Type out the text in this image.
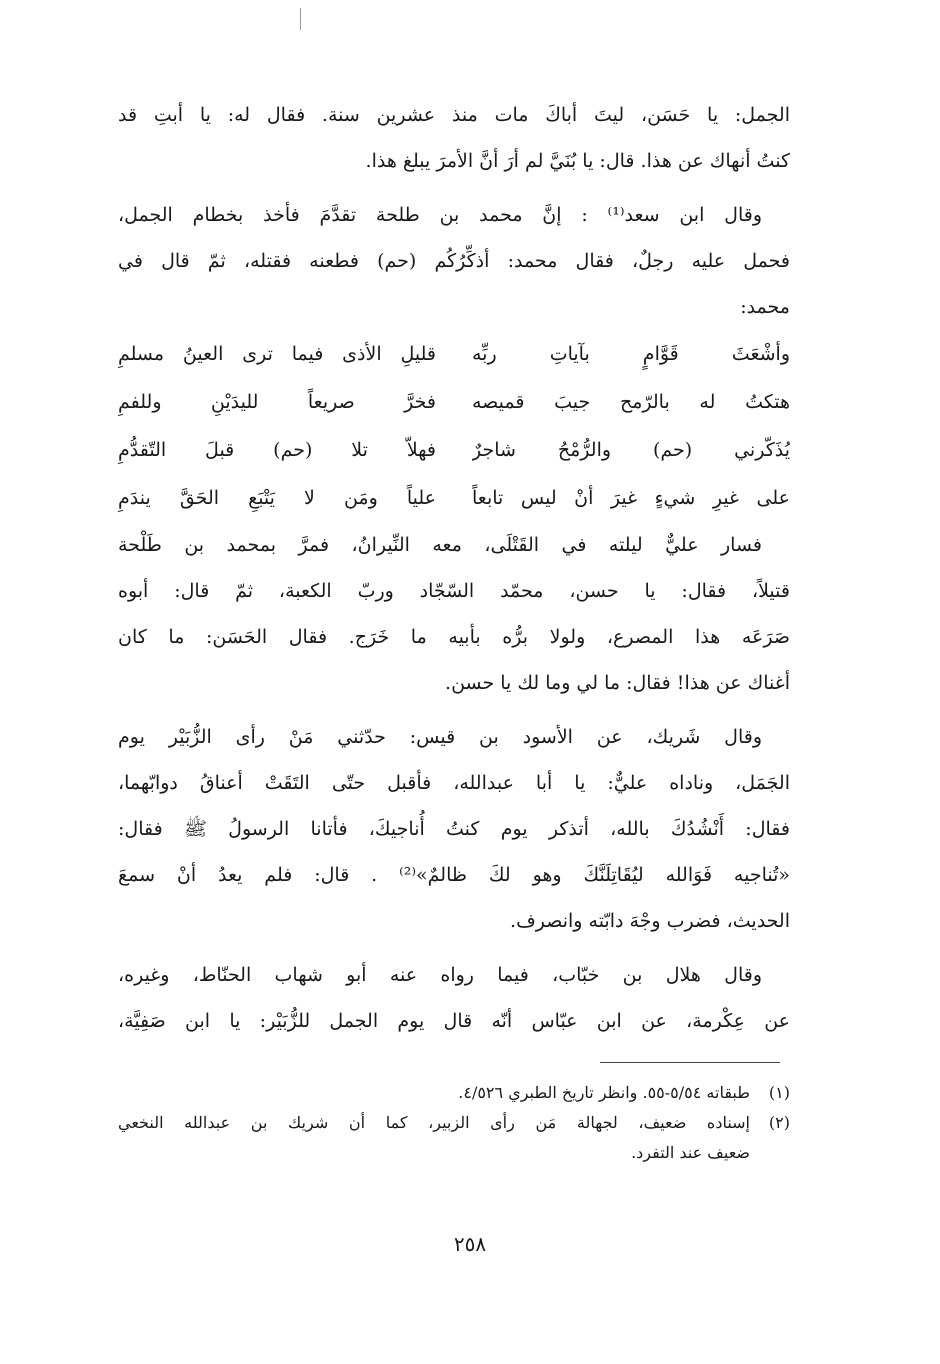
الجمل: يا حَسَن، ليتَ أباكَ مات منذ عشرين سنة. فقال له: يا أبتِ قد
كنتُ أنهاك عن هذا. قال: يا بُنَيَّ لم أرَ أنَّ الأمرَ يبلغ هذا.
وقال ابن سعد⁽¹⁾ : إنَّ محمد بن طلحة تقدَّمَ فأخذ بخطام الجمل،
فحمل عليه رجلٌ، فقال محمد: أذكِّرُكُم (حم) فطعنه فقتله، ثمّ قال في
محمد:
وأشْعَثَ قَوَّامٍ بآياتِ ربِّه
قليلِ الأذى فيما ترى العينُ مسلمِ
هتكتُ له بالرّمح جيبَ قميصه
فخرَّ صريعاً لليدَيْنِ وللفمِ
يُذَكّرني (حم) والرُّمْحُ شاجرٌ
فهلاّ تلا (حم) قبلَ التّقدُّمِ
على غيرِ شيءٍ غيرَ أنْ ليس تابعاً
علياً ومَن لا يَتْبَعِ الحَقَّ يندَمِ
فسار عليٌّ ليلته في القَتْلَى، معه النِّيرانُ، فمرَّ بمحمد بن طَلْحة
قتيلاً، فقال: يا حسن، محمّد السّجّاد وربّ الكعبة، ثمّ قال: أبوه
صَرَعَه هذا المصرع، ولولا برُّه بأبيه ما خَرَج. فقال الحَسَن: ما كان
أغناك عن هذا! فقال: ما لي وما لك يا حسن.
وقال شَريك، عن الأسود بن قيس: حدّثني مَنْ رأى الزُّبَيْر يوم
الجَمَل، وناداه عليٌّ: يا أبا عبدالله، فأقبل حتّى التَقَتْ أعناقُ دوابّهما،
فقال: أَنْشُدُكَ بالله، أتذكر يوم كنتُ أُناجيكَ، فأتانا الرسولُ ﷺ فقال:
«تُناجيه فَوَالله ليُقَاتِلَنَّكَ وهو لكَ ظالمٌ»⁽²⁾ . قال: فلم يعدُ أنْ سمعَ
الحديث، فضرب وجْهَ دابّته وانصرف.
وقال هلال بن خبّاب، فيما رواه عنه أبو شهاب الحنّاط، وغيره،
عن عِكْرمة، عن ابن عبّاس أنّه قال يوم الجمل للزُّبَيْر: يا ابن صَفِيَّة،
(١)
طبقاته ٥/٥٤-٥٥. وانظر تاريخ الطبري ٤/٥٢٦.
(٢)
إسناده ضعيف، لجهالة مَن رأى الزبير، كما أن شريك بن عبدالله النخعي
ضعيف عند التفرد.
٢٥٨
